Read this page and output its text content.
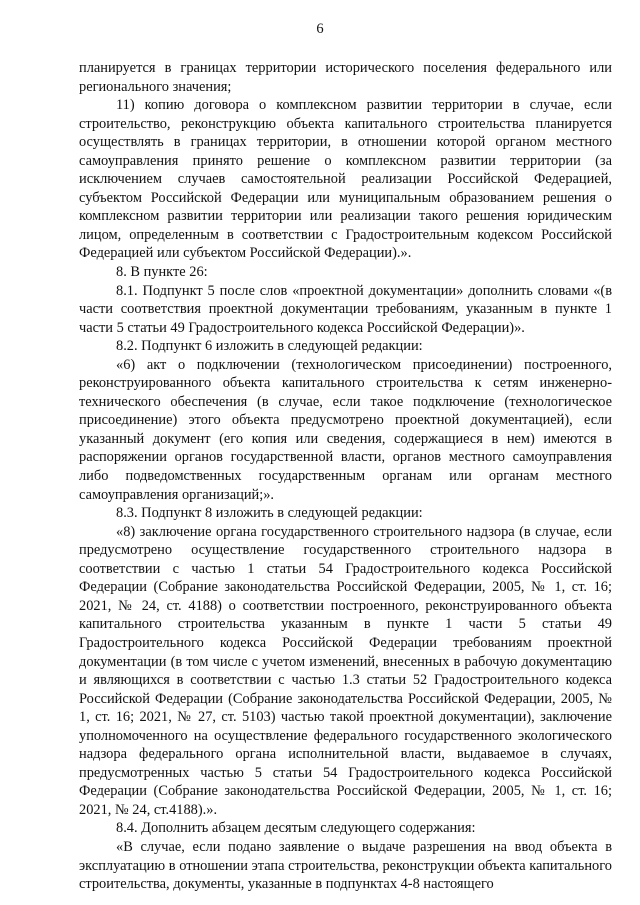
6

планируется в границах территории исторического поселения федерального или регионального значения;

11) копию договора о комплексном развитии территории в случае, если строительство, реконструкцию объекта капитального строительства планируется осуществлять в границах территории, в отношении которой органом местного самоуправления принято решение о комплексном развитии территории (за исключением случаев самостоятельной реализации Российской Федерацией, субъектом Российской Федерации или муниципальным образованием решения о комплексном развитии территории или реализации такого решения юридическим лицом, определенным в соответствии с Градостроительным кодексом Российской Федерацией или субъектом Российской Федерации).».

8. В пункте 26:

8.1. Подпункт 5 после слов «проектной документации» дополнить словами «(в части соответствия проектной документации требованиям, указанным в пункте 1 части 5 статьи 49 Градостроительного кодекса Российской Федерации)».

8.2. Подпункт 6 изложить в следующей редакции:

«6) акт о подключении (технологическом присоединении) построенного, реконструированного объекта капитального строительства к сетям инженерно-технического обеспечения (в случае, если такое подключение (технологическое присоединение) этого объекта предусмотрено проектной документацией), если указанный документ (его копия или сведения, содержащиеся в нем) имеются в распоряжении органов государственной власти, органов местного самоуправления либо подведомственных государственным органам или органам местного самоуправления организаций;».

8.3. Подпункт 8 изложить в следующей редакции:

«8) заключение органа государственного строительного надзора (в случае, если предусмотрено осуществление государственного строительного надзора в соответствии с частью 1 статьи 54 Градостроительного кодекса Российской Федерации (Собрание законодательства Российской Федерации, 2005, № 1, ст. 16; 2021, № 24, ст. 4188) о соответствии построенного, реконструированного объекта капитального строительства указанным в пункте 1 части 5 статьи 49 Градостроительного кодекса Российской Федерации требованиям проектной документации (в том числе с учетом изменений, внесенных в рабочую документацию и являющихся в соответствии с частью 1.3 статьи 52 Градостроительного кодекса Российской Федерации (Собрание законодательства Российской Федерации, 2005, № 1, ст. 16; 2021, № 27, ст. 5103) частью такой проектной документации), заключение уполномоченного на осуществление федерального государственного экологического надзора федерального органа исполнительной власти, выдаваемое в случаях, предусмотренных частью 5 статьи 54 Градостроительного кодекса Российской Федерации (Собрание законодательства Российской Федерации, 2005, № 1, ст. 16; 2021, № 24, ст.4188).».

8.4. Дополнить абзацем десятым следующего содержания:

«В случае, если подано заявление о выдаче разрешения на ввод объекта в эксплуатацию в отношении этапа строительства, реконструкции объекта капитального строительства, документы, указанные в подпунктах 4-8 настоящего
